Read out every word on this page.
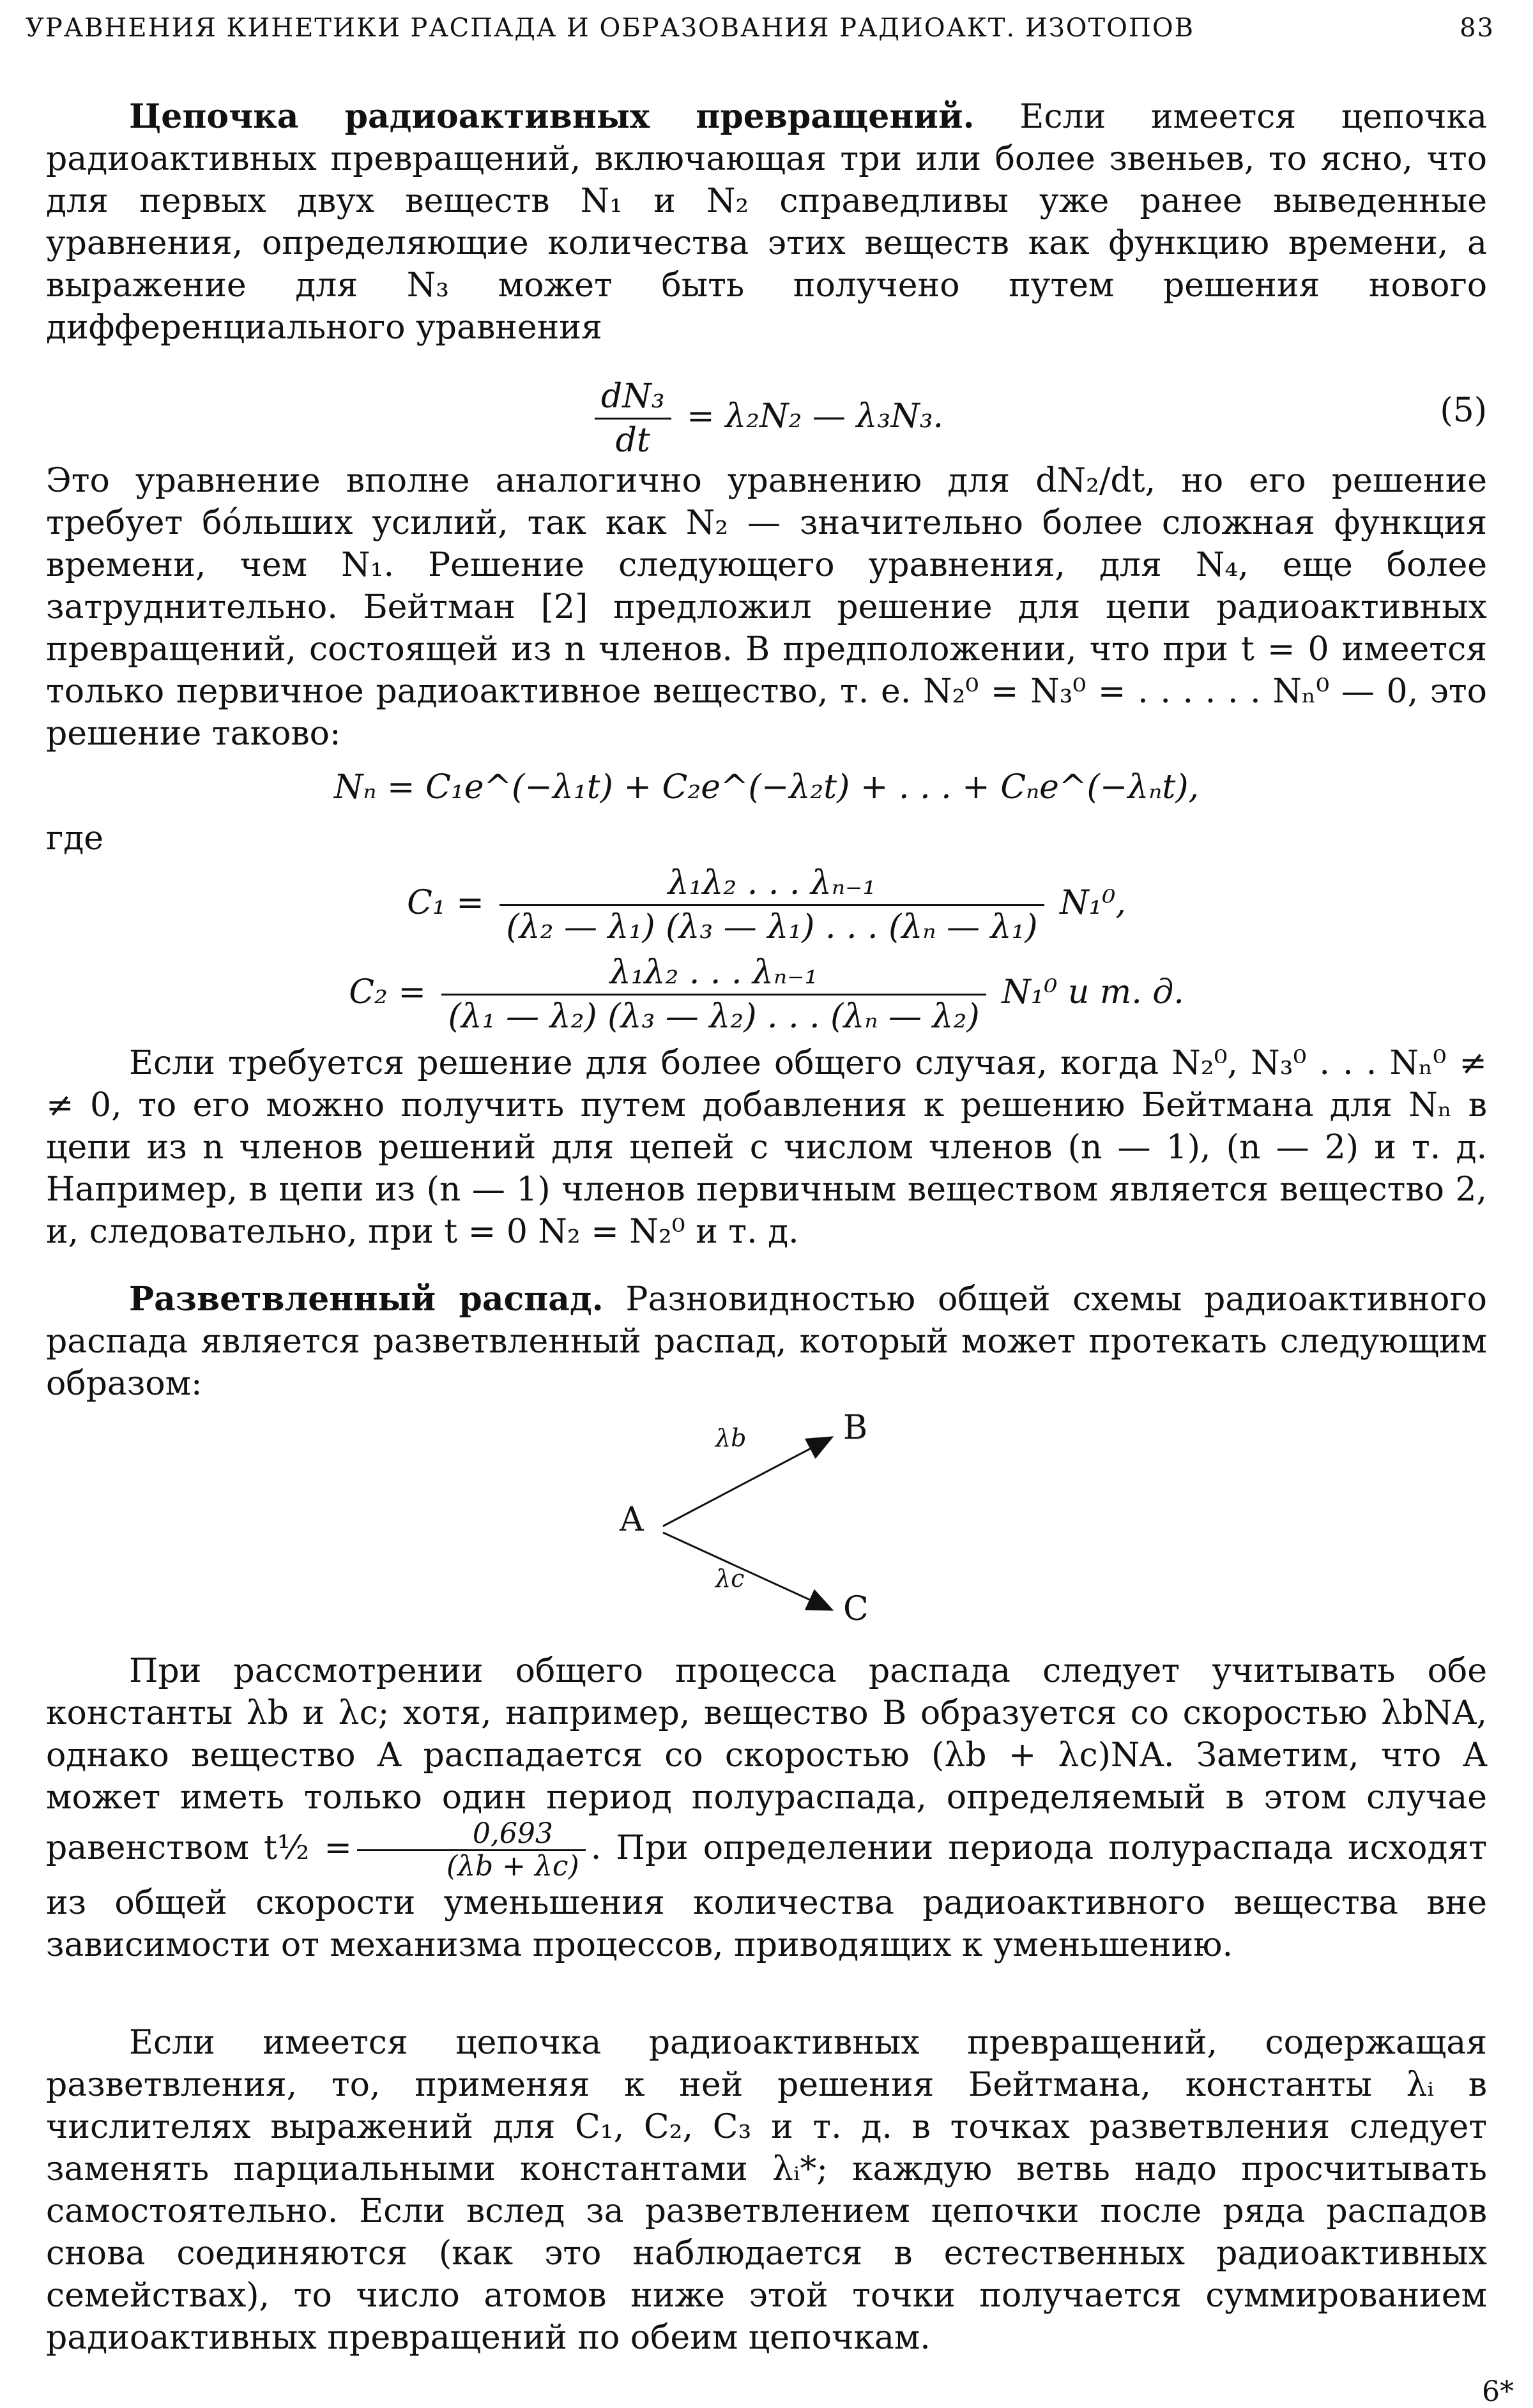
УРАВНЕНИЯ КИНЕТИКИ РАСПАДА И ОБРАЗОВАНИЯ РАДИОАКТ. ИЗОТОПОВ	83

Цепочка радиоактивных превращений. Если имеется цепочка радиоактивных превращений, включающая три или более звеньев, то ясно, что для первых двух веществ N₁ и N₂ справедливы уже ранее выведенные уравнения, определяющие количества этих веществ как функцию времени, а выражение для N₃ может быть получено путем решения нового дифференциального уравнения

$\frac{\text{dN₃}}{dt} = \lambda_2N_2$ — λ₃N₃.	(5)

Это уравнение вполне аналогично уравнению для dN₂/dt, но его решение требует бо́льших усилий, так как N₂ — значительно более сложная функция времени, чем N₁. Решение следующего уравнения, для N₄, еще более затруднительно. Бейтман [2] предложил решение для цепи радиоактивных превращений, состоящей из n членов. В предположении, что при t = 0 имеется только первичное радиоактивное вещество, т. е. N₂⁰ = N₃⁰ = . . . . . . Nₙ⁰ — 0, это решение таково:

Nₙ = C₁e^(−λ₁t) + C₂e^(−λ₂t) + . . . + Cₙe^(−λₙt),
где
$C_1 = \frac{\text{λ₁λ₂ . . . λₙ₋₁}}{\text{(λ₂ — λ₁) (λ₃ — λ₁) . . . (λₙ — λ₁)}} N_1^0$,
$C_2 = \frac{\text{λ₁λ₂ . . . λₙ₋₁}}{\text{(λ₁ — λ₂) (λ₃ — λ₂) . . . (λₙ — λ₂)}} N_1^0$ и т. д.

Если требуется решение для более общего случая, когда N₂⁰, N₃⁰ . . . Nₙ⁰ ≠ ≠ 0, то его можно получить путем добавления к решению Бейтмана для Nₙ в цепи из n членов решений для цепей с числом членов (n — 1), (n — 2) и т. д. Например, в цепи из (n — 1) членов первичным веществом является вещество 2, и, следовательно, при t = 0 N₂ = N₂⁰ и т. д.

Разветвленный распад. Разновидностью общей схемы радиоактивного распада является разветвленный распад, который может протекать следующим образом:

A
B
C
λb
λc

При рассмотрении общего процесса распада следует учитывать обе константы λb и λc; хотя, например, вещество B образуется со скоростью λbNA, однако вещество A распадается со скоростью (λb + λc)NA. Заметим, что A может иметь только один период полураспада, определяемый в этом случае равенством t½ = $\frac{0,693}{(\lambda b + \lambda c)}$ . При определении периода полураспада исходят из общей скорости уменьшения количества радиоактивного вещества вне зависимости от механизма процессов, приводящих к уменьшению.

Если имеется цепочка радиоактивных превращений, содержащая разветвления, то, применяя к ней решения Бейтмана, константы λᵢ в числителях выражений для C₁, C₂, C₃ и т. д. в точках разветвления следует заменять парциальными константами λᵢ*; каждую ветвь надо просчитывать самостоятельно. Если вслед за разветвлением цепочки после ряда распадов снова соединяются (как это наблюдается в естественных радиоактивных семействах), то число атомов ниже этой точки получается суммированием радиоактивных превращений по обеим цепочкам.

6*
